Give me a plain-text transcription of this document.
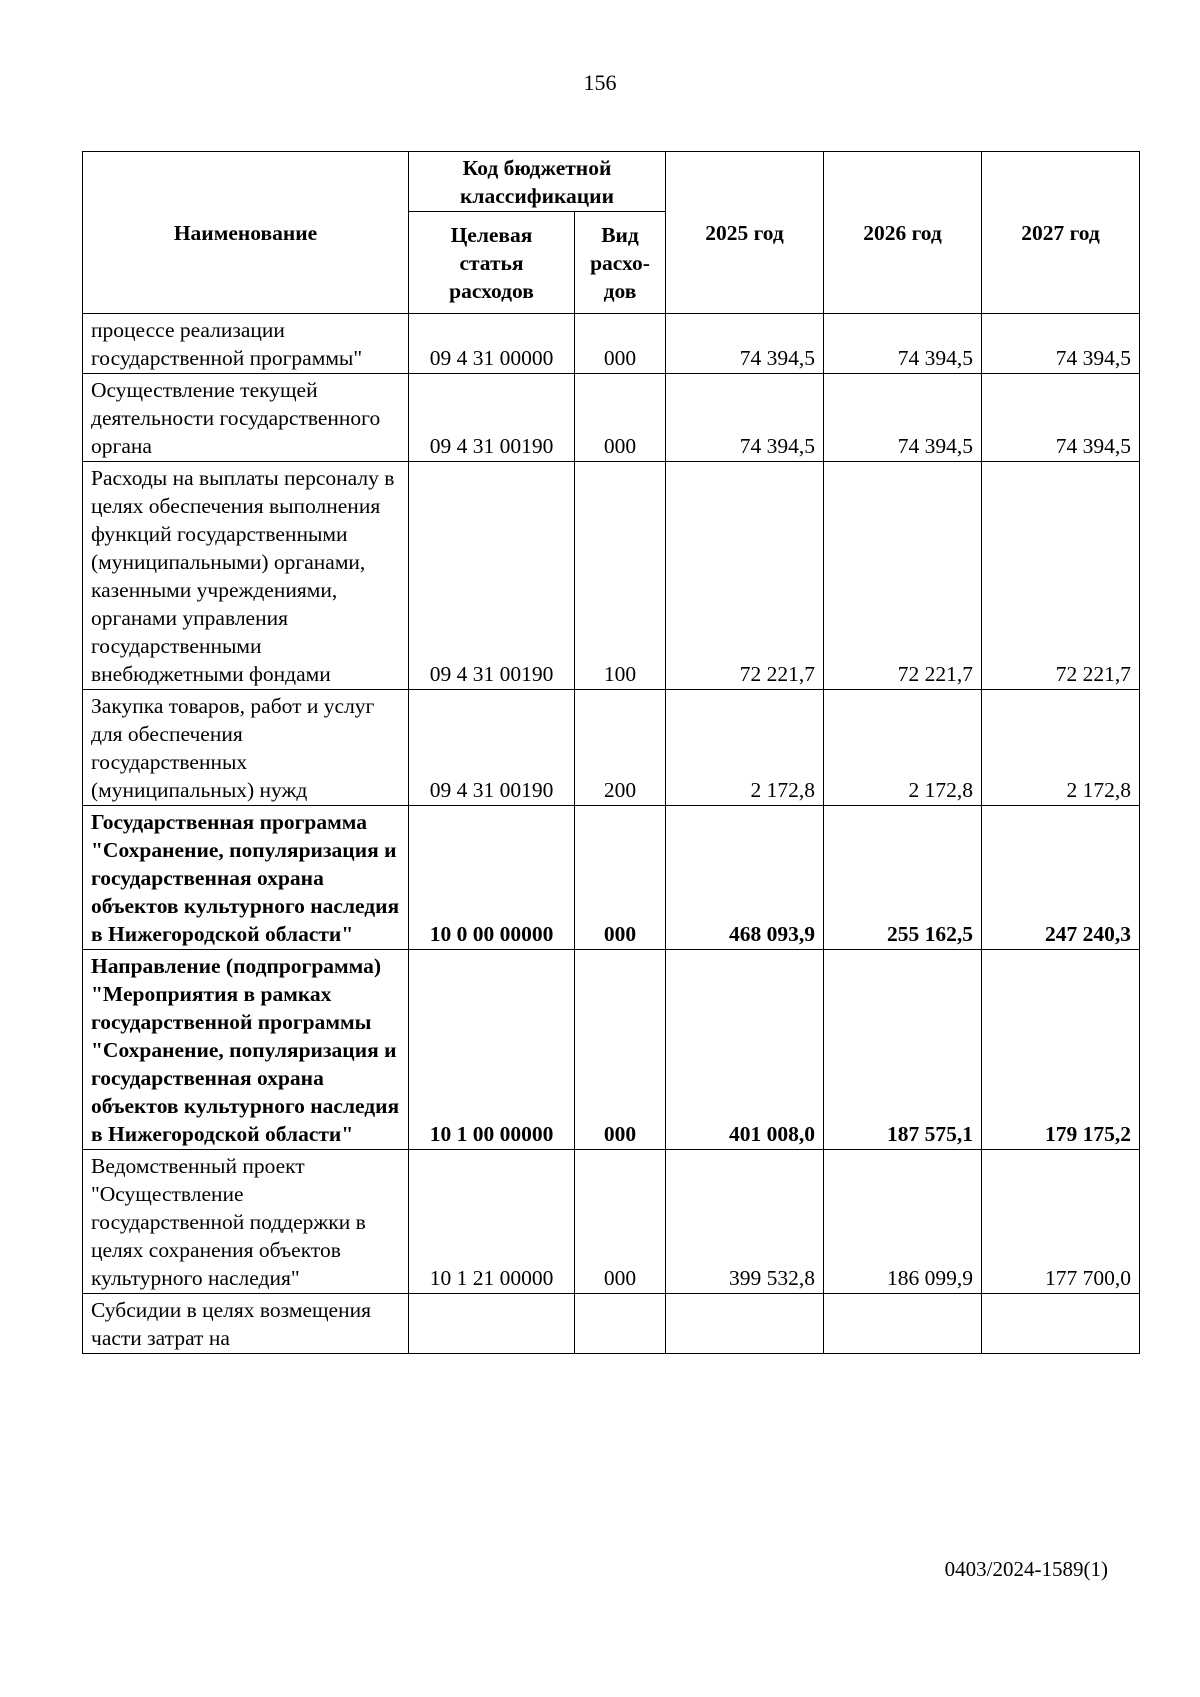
156
Наименование	Код бюджетной классификации		2025 год	2026 год	2027 год
	Целевая статья расходов	Вид расхо-дов			
процессе реализации государственной программы"	09 4 31 00000	000	74 394,5	74 394,5	74 394,5
Осуществление текущей деятельности государственного органа	09 4 31 00190	000	74 394,5	74 394,5	74 394,5
Расходы на выплаты персоналу в целях обеспечения выполнения функций государственными (муниципальными) органами, казенными учреждениями, органами управления государственными внебюджетными фондами	09 4 31 00190	100	72 221,7	72 221,7	72 221,7
Закупка товаров, работ и услуг для обеспечения государственных (муниципальных) нужд	09 4 31 00190	200	2 172,8	2 172,8	2 172,8
Государственная программа "Сохранение, популяризация и государственная охрана объектов культурного наследия в Нижегородской области"	10 0 00 00000	000	468 093,9	255 162,5	247 240,3
Направление (подпрограмма) "Мероприятия в рамках государственной программы "Сохранение, популяризация и государственная охрана объектов культурного наследия в Нижегородской области"	10 1 00 00000	000	401 008,0	187 575,1	179 175,2
Ведомственный проект "Осуществление государственной поддержки в целях сохранения объектов культурного наследия"	10 1 21 00000	000	399 532,8	186 099,9	177 700,0
Субсидии в целях возмещения части затрат на					
0403/2024-1589(1)
